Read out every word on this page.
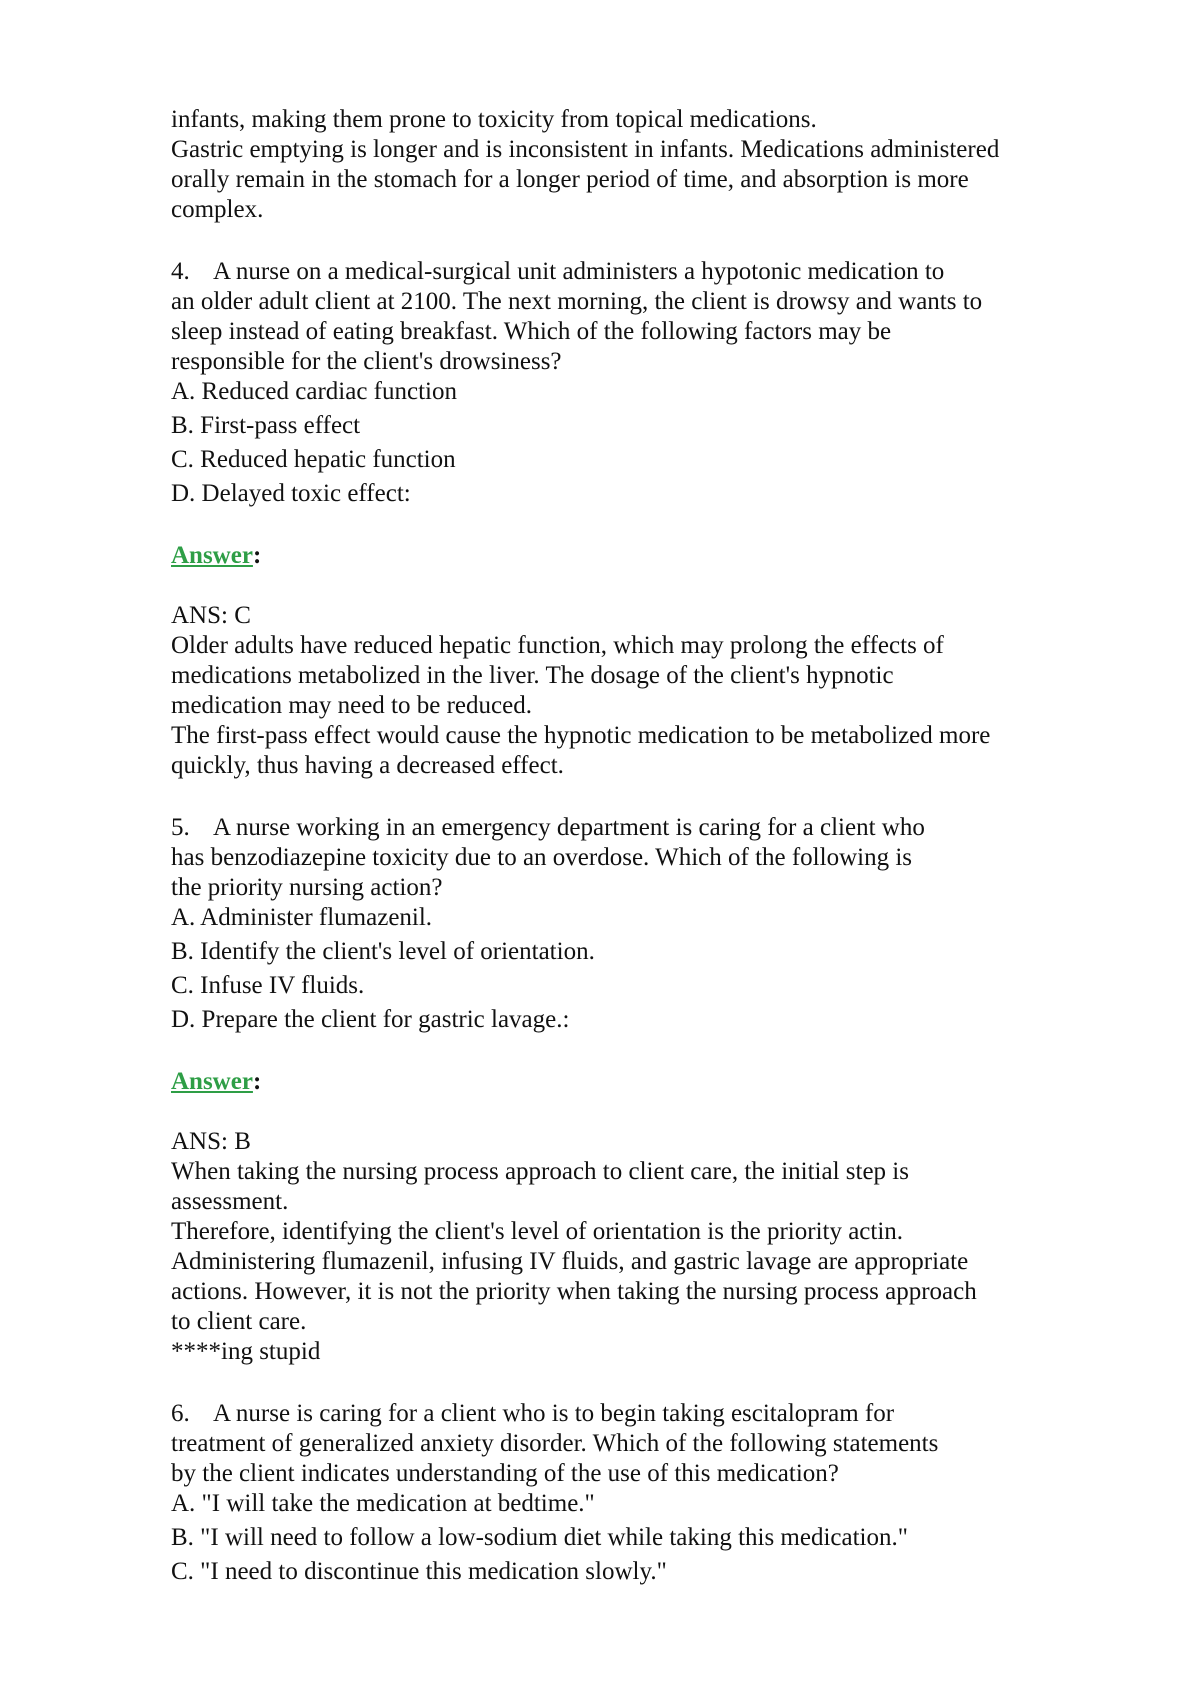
infants, making them prone to toxicity from topical medications.

Gastric emptying is longer and is inconsistent in infants. Medications administered

orally remain in the stomach for a longer period of time, and absorption is more

complex.

4. A nurse on a medical-surgical unit administers a hypotonic medication to

an older adult client at 2100. The next morning, the client is drowsy and wants to

sleep instead of eating breakfast. Which of the following factors may be

responsible for the client's drowsiness?

A. Reduced cardiac function

B. First-pass effect

C. Reduced hepatic function

D. Delayed toxic effect:

Answer:

ANS: C

Older adults have reduced hepatic function, which may prolong the effects of

medications metabolized in the liver. The dosage of the client's hypnotic

medication may need to be reduced.

The first-pass effect would cause the hypnotic medication to be metabolized more

quickly, thus having a decreased effect.

5. A nurse working in an emergency department is caring for a client who

has benzodiazepine toxicity due to an overdose. Which of the following is

the priority nursing action?

A. Administer flumazenil.

B. Identify the client's level of orientation.

C. Infuse IV fluids.

D. Prepare the client for gastric lavage.:

Answer:

ANS: B

When taking the nursing process approach to client care, the initial step is

assessment.

Therefore, identifying the client's level of orientation is the priority actin.

Administering flumazenil, infusing IV fluids, and gastric lavage are appropriate

actions. However, it is not the priority when taking the nursing process approach

to client care.

****ing stupid

6. A nurse is caring for a client who is to begin taking escitalopram for

treatment of generalized anxiety disorder. Which of the following statements

by the client indicates understanding of the use of this medication?

A. "I will take the medication at bedtime."

B. "I will need to follow a low-sodium diet while taking this medication."

C. "I need to discontinue this medication slowly."
